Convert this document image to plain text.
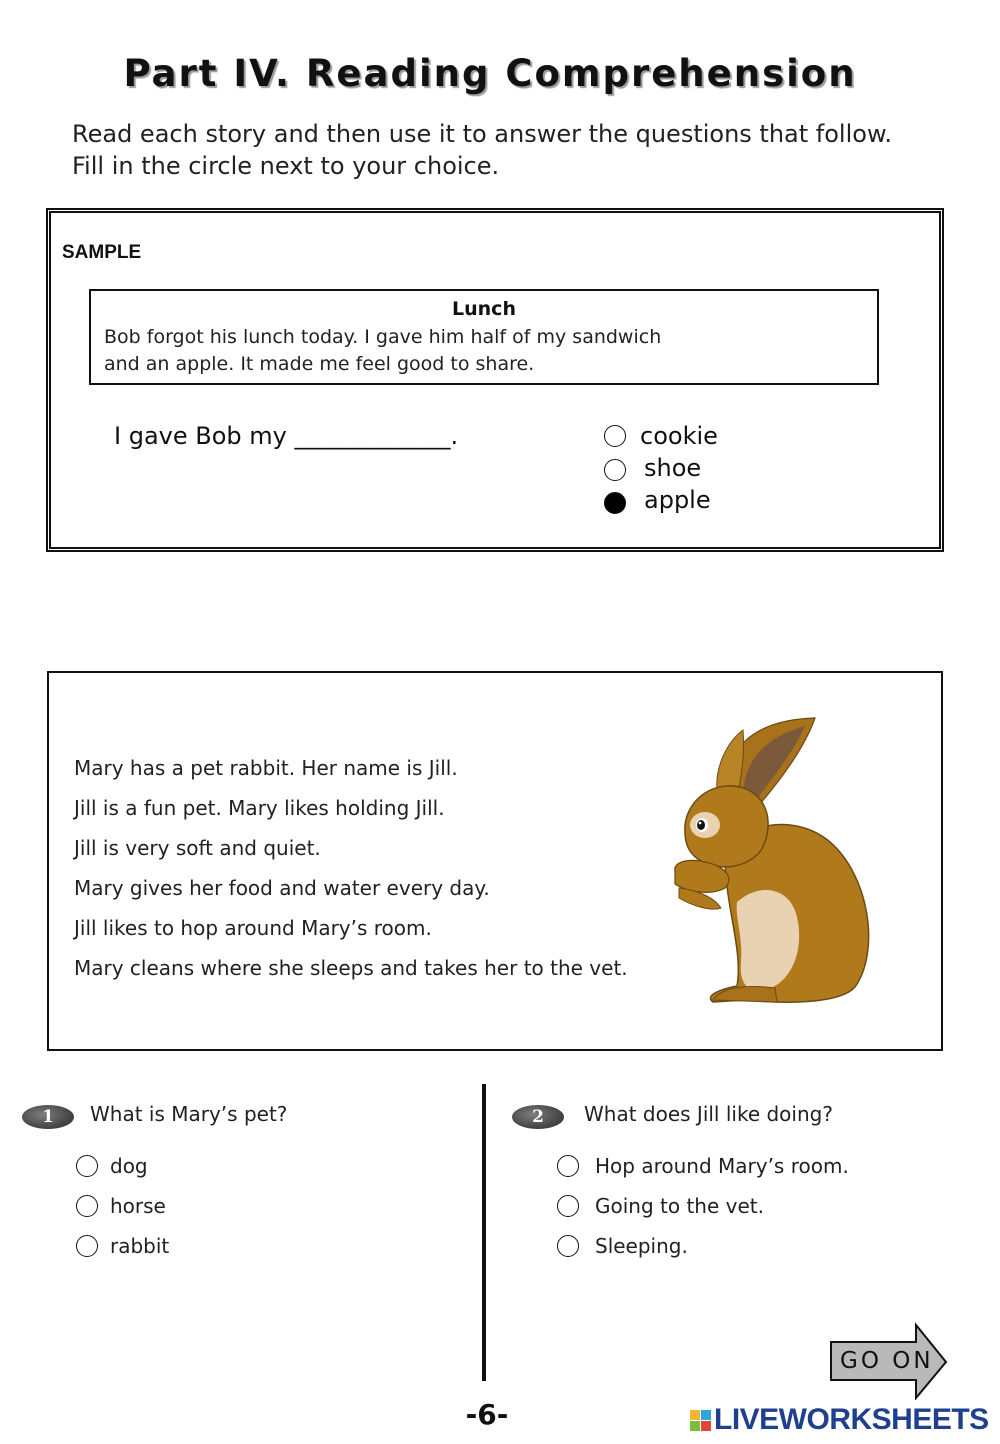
Part IV. Reading Comprehension
Read each story and then use it to answer the questions that follow.
Fill in the circle next to your choice.
SAMPLE
Lunch
Bob forgot his lunch today. I gave him half of my sandwich
and an apple. It made me feel good to share.
I gave Bob my _____________.	cookie
shoe
apple
Mary has a pet rabbit. Her name is Jill.
Jill is a fun pet. Mary likes holding Jill.
Jill is very soft and quiet.
Mary gives her food and water every day.
Jill likes to hop around Mary’s room.
Mary cleans where she sleeps and takes her to the vet.
1	What is Mary’s pet?
dog
horse
rabbit
2	What does Jill like doing?
Hop around Mary’s room.
Going to the vet.
Sleeping.
GO ON
-6-	LIVEWORKSHEETS
